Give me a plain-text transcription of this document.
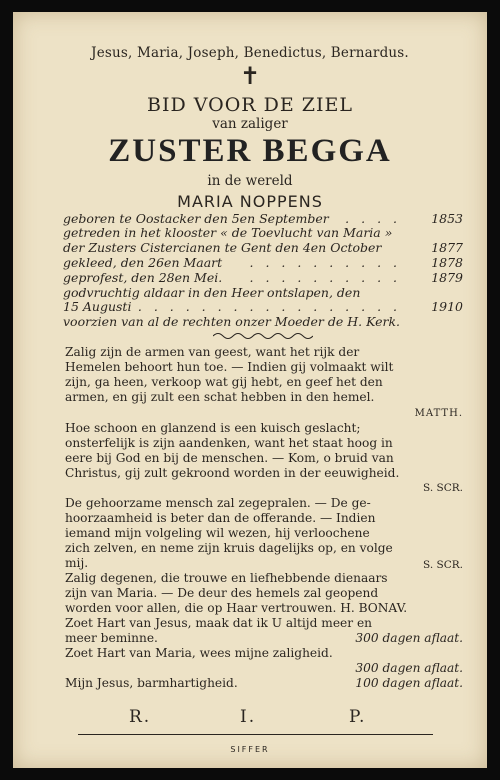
Jesus, Maria, Joseph, Benedictus, Bernardus.
✝
BID VOOR DE ZIEL
van zaliger
ZUSTER BEGGA
in de wereld
MARIA NOPPENS
geboren te Oostacker den 5en September . . . . 1853
getreden in het klooster « de Toevlucht van Maria »
der Zusters Cistercianen te Gent den 4en October	1877
gekleed, den 26en Maart . . . . . . . . . . 1878
geprofest, den 28en Mei. . . . . . . . . . . 1879
godvruchtig aldaar in den Heer ontslapen, den
15 Augusti . . . . . . . . . . . . . . . . . 1910
voorzien van al de rechten onzer Moeder de H. Kerk.
Zalig zijn de armen van geest, want het rijk der
Hemelen behoort hun toe. — Indien gij volmaakt wilt
zijn, ga heen, verkoop wat gij hebt, en geef het den
armen, en gij zult een schat hebben in den hemel.
MATTH.
Hoe schoon en glanzend is een kuisch geslacht;
onsterfelijk is zijn aandenken, want het staat hoog in
eere bij God en bij de menschen. — Kom, o bruid van
Christus, gij zult gekroond worden in der eeuwigheid.
S. SCR.
De gehoorzame mensch zal zegepralen. — De ge-
hoorzaamheid is beter dan de offerande. — Indien
iemand mijn volgeling wil wezen, hij verloochene
zich zelven, en neme zijn kruis dagelijks op, en volge
mij.	S. SCR.
Zalig degenen, die trouwe en liefhebbende dienaars
zijn van Maria. — De deur des hemels zal geopend
worden voor allen, die op Haar vertrouwen. H. BONAV.
Zoet Hart van Jesus, maak dat ik U altijd meer en
meer beminne.	300 dagen aflaat.
Zoet Hart van Maria, wees mijne zaligheid.
300 dagen aflaat.
Mijn Jesus, barmhartigheid.	100 dagen aflaat.
R.	I.	P.
SIFFER
